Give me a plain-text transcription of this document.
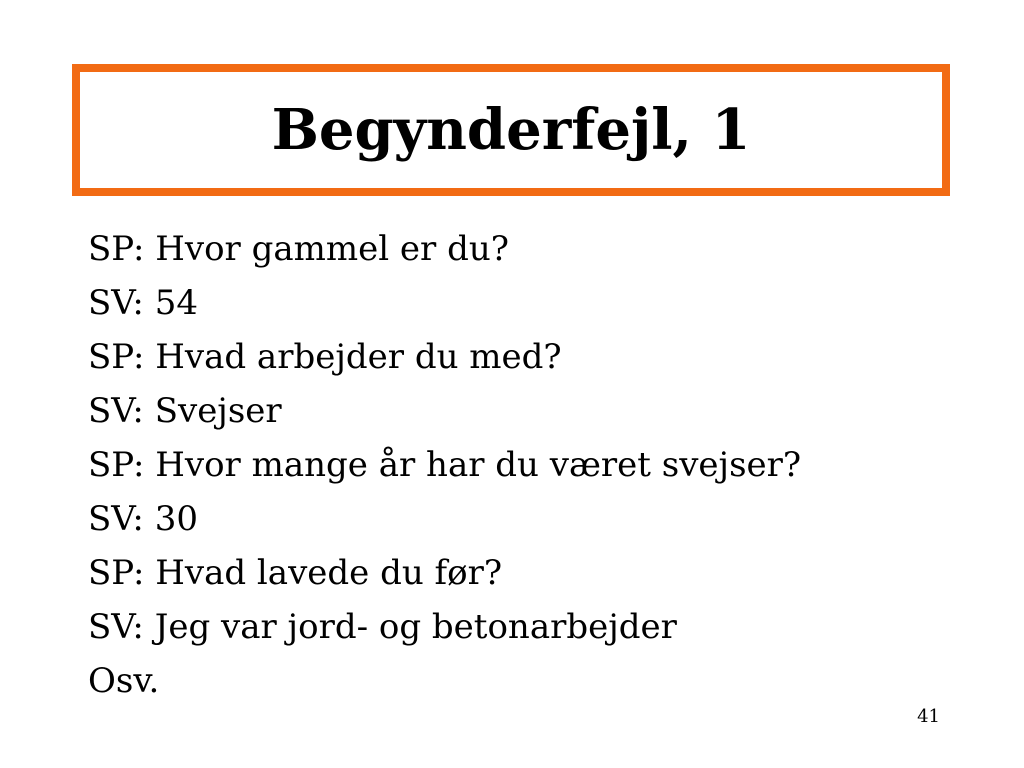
Begynderfejl, 1
SP: Hvor gammel er du?
SV: 54
SP: Hvad arbejder du med?
SV: Svejser
SP: Hvor mange år har du været svejser?
SV: 30
SP: Hvad lavede du før?
SV: Jeg var jord- og betonarbejder
Osv.
41
